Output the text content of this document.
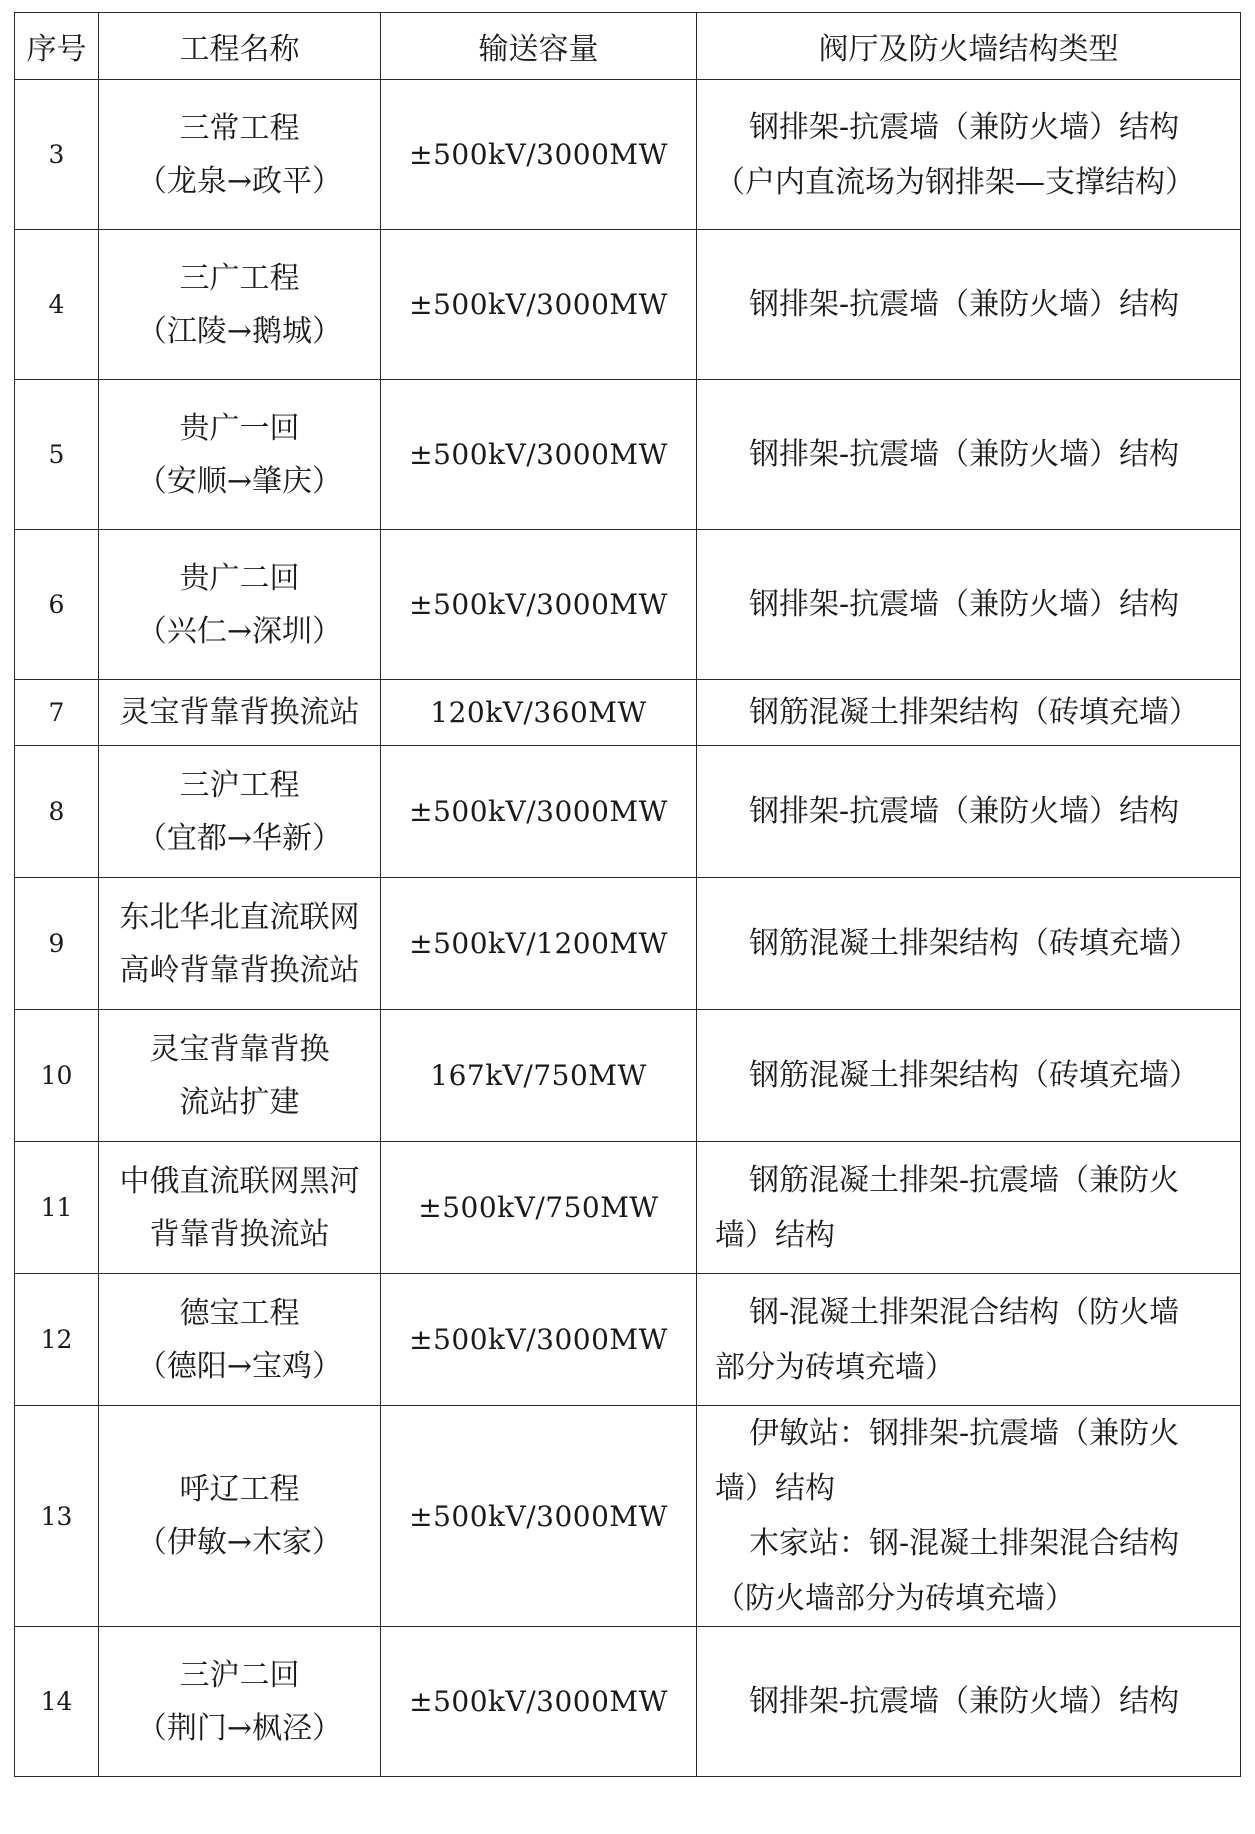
序号	工程名称	输送容量	阀厅及防火墙结构类型
3	三常工程
（龙泉→政平）	±500kV/3000MW	钢排架-抗震墙（兼防火墙）结构
（户内直流场为钢排架—支撑结构）

4	三广工程
（江陵→鹅城）	±500kV/3000MW	钢排架-抗震墙（兼防火墙）结构

5	贵广一回
（安顺→肇庆）	±500kV/3000MW	钢排架-抗震墙（兼防火墙）结构

6	贵广二回
（兴仁→深圳）	±500kV/3000MW	钢排架-抗震墙（兼防火墙）结构

7	灵宝背靠背换流站	120kV/360MW	钢筋混凝土排架结构（砖填充墙）

8	三沪工程
（宜都→华新）	±500kV/3000MW	钢排架-抗震墙（兼防火墙）结构

9	东北华北直流联网
高岭背靠背换流站	±500kV/1200MW	钢筋混凝土排架结构（砖填充墙）

10	灵宝背靠背换
流站扩建	167kV/750MW	钢筋混凝土排架结构（砖填充墙）

11	中俄直流联网黑河
背靠背换流站	±500kV/750MW	钢筋混凝土排架-抗震墙（兼防火
墙）结构

12	德宝工程
（德阳→宝鸡）	±500kV/3000MW	钢-混凝土排架混合结构（防火墙
部分为砖填充墙）

13	呼辽工程
（伊敏→木家）	±500kV/3000MW	伊敏站：钢排架-抗震墙（兼防火
墙）结构
木家站：钢-混凝土排架混合结构
（防火墙部分为砖填充墙）

14	三沪二回
（荆门→枫泾）	±500kV/3000MW	钢排架-抗震墙（兼防火墙）结构
